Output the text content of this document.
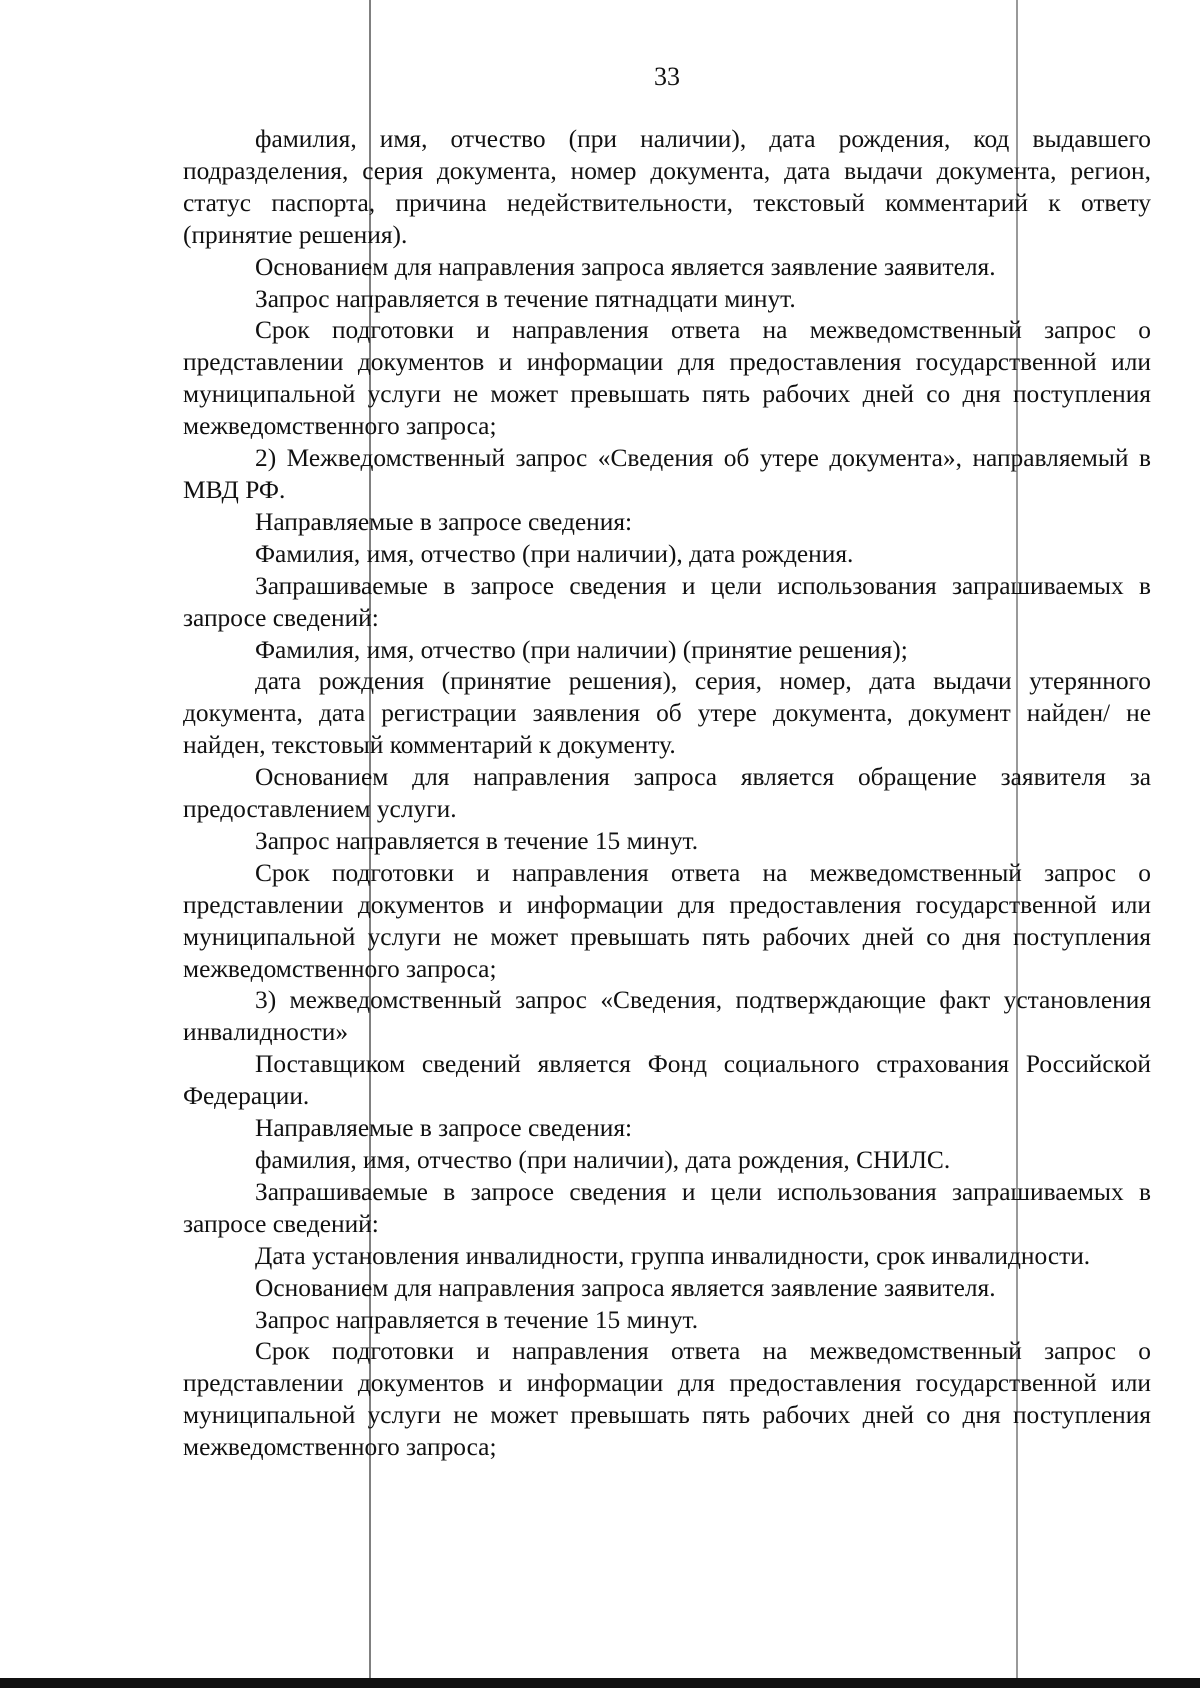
33

фамилия, имя, отчество (при наличии), дата рождения, код выдавшего подразделения, серия документа, номер документа, дата выдачи документа, регион, статус паспорта, причина недействительности, текстовый комментарий к ответу (принятие решения).

Основанием для направления запроса является заявление заявителя.

Запрос направляется в течение пятнадцати минут.

Срок подготовки и направления ответа на межведомственный запрос о представлении документов и информации для предоставления государственной или муниципальной услуги не может превышать пять рабочих дней со дня поступления межведомственного запроса;

2) Межведомственный запрос «Сведения об утере документа», направляемый в МВД РФ.

Направляемые в запросе сведения:

Фамилия, имя, отчество (при наличии), дата рождения.

Запрашиваемые в запросе сведения и цели использования запрашиваемых в запросе сведений:

Фамилия, имя, отчество (при наличии) (принятие решения);

дата рождения (принятие решения), серия, номер, дата выдачи утерянного документа, дата регистрации заявления об утере документа, документ найден/ не найден, текстовый комментарий к документу.

Основанием для направления запроса является обращение заявителя за предоставлением услуги.

Запрос направляется в течение 15 минут.

Срок подготовки и направления ответа на межведомственный запрос о представлении документов и информации для предоставления государственной или муниципальной услуги не может превышать пять рабочих дней со дня поступления межведомственного запроса;

3) межведомственный запрос «Сведения, подтверждающие факт установления инвалидности»

Поставщиком сведений является Фонд социального страхования Российской Федерации.

Направляемые в запросе сведения:

фамилия, имя, отчество (при наличии), дата рождения, СНИЛС.

Запрашиваемые в запросе сведения и цели использования запрашиваемых в запросе сведений:

Дата установления инвалидности, группа инвалидности, срок инвалидности.

Основанием для направления запроса является заявление заявителя.

Запрос направляется в течение 15 минут.

Срок подготовки и направления ответа на межведомственный запрос о представлении документов и информации для предоставления государственной или муниципальной услуги не может превышать пять рабочих дней со дня поступления межведомственного запроса;
